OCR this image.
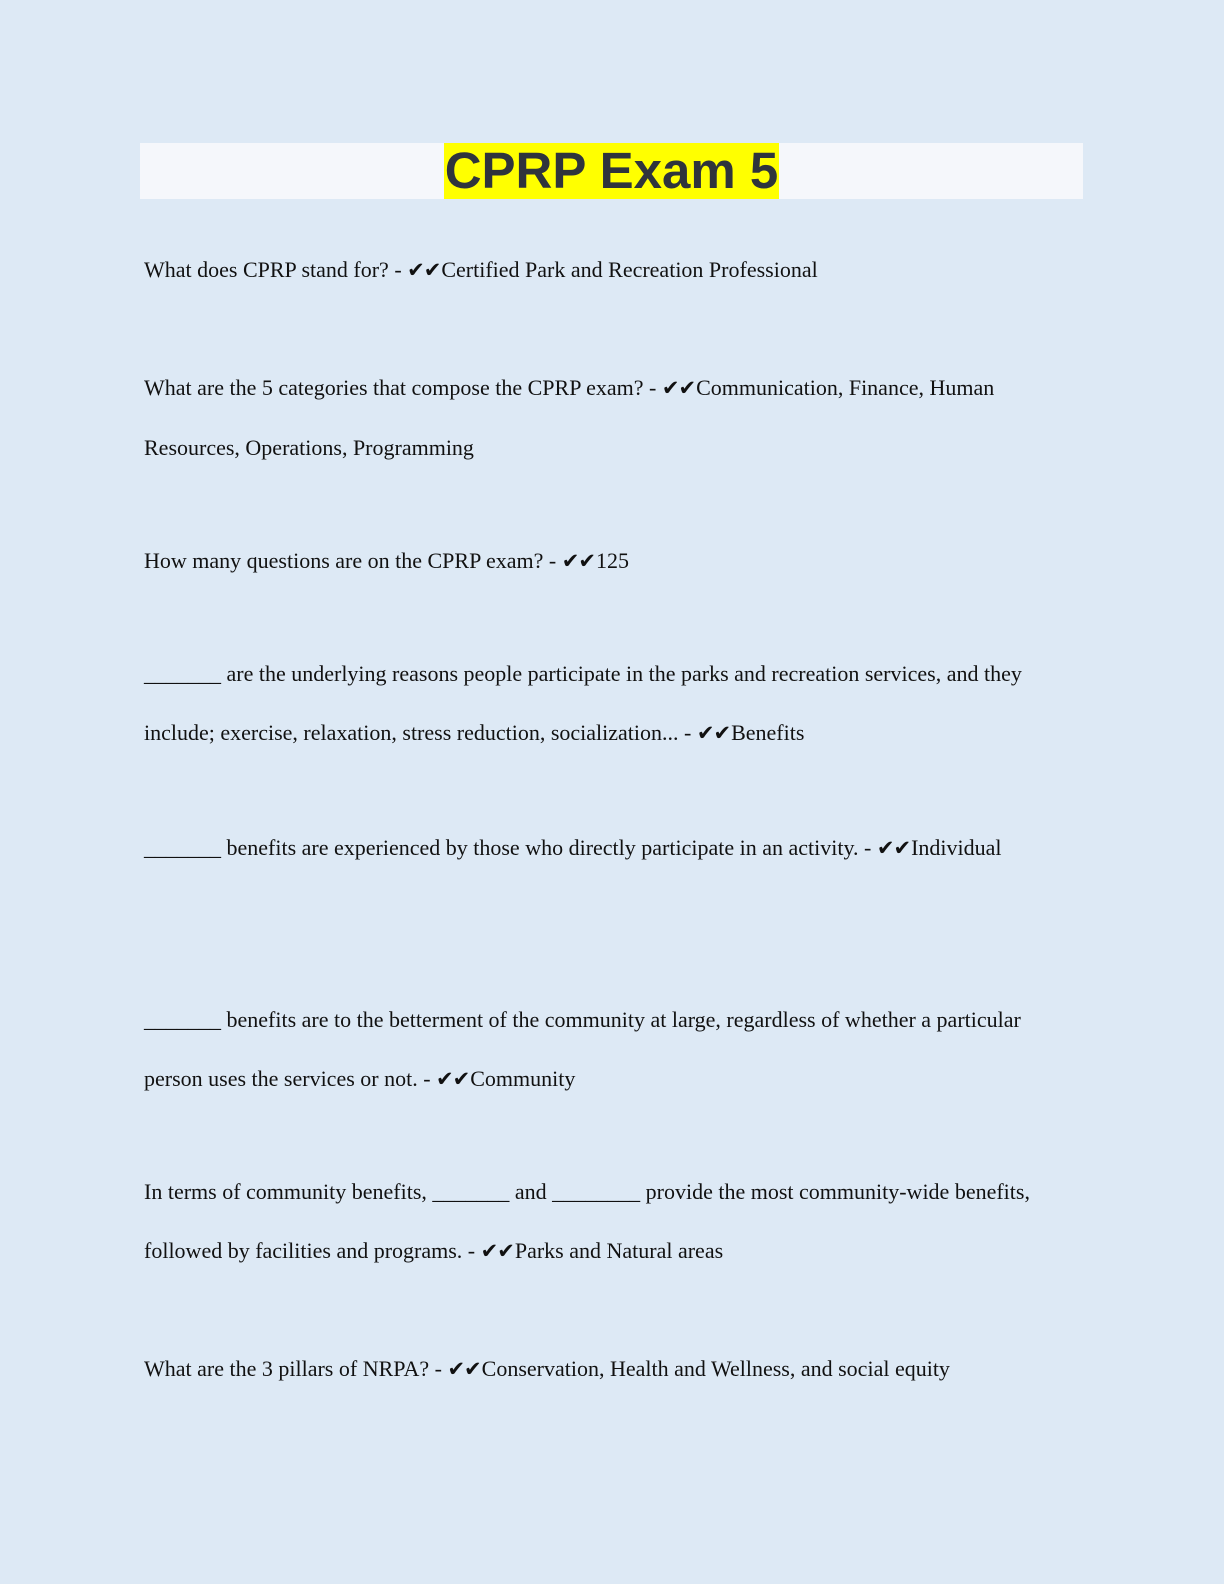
CPRP Exam 5

What does CPRP stand for? - ✔✔Certified Park and Recreation Professional

What are the 5 categories that compose the CPRP exam? - ✔✔Communication, Finance, Human Resources, Operations, Programming

How many questions are on the CPRP exam? - ✔✔125

_______ are the underlying reasons people participate in the parks and recreation services, and they include; exercise, relaxation, stress reduction, socialization... - ✔✔Benefits

_______ benefits are experienced by those who directly participate in an activity. - ✔✔Individual

_______ benefits are to the betterment of the community at large, regardless of whether a particular person uses the services or not. - ✔✔Community

In terms of community benefits, _______ and ________ provide the most community-wide benefits, followed by facilities and programs. - ✔✔Parks and Natural areas

What are the 3 pillars of NRPA? - ✔✔Conservation, Health and Wellness, and social equity
